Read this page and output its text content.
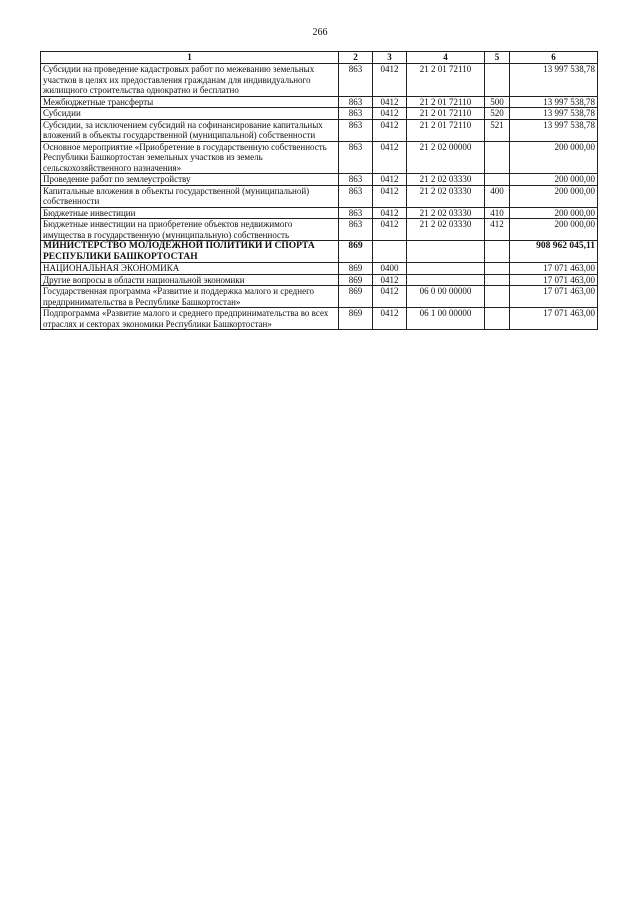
266
1	2	3	4	5	6
Субсидии на проведение кадастровых работ по межеванию земельных участков в целях их предоставления гражданам для индивидуального жилищного строительства однократно и бесплатно	863	0412	21 2 01 72110		13 997 538,78
Межбюджетные трансферты	863	0412	21 2 01 72110	500	13 997 538,78
Субсидии	863	0412	21 2 01 72110	520	13 997 538,78
Субсидии, за исключением субсидий на софинансирование капитальных вложений в объекты государственной (муниципальной) собственности	863	0412	21 2 01 72110	521	13 997 538,78
Основное мероприятие «Приобретение в государственную собственность Республики Башкортостан земельных участков из земель сельскохозяйственного назначения»	863	0412	21 2 02 00000		200 000,00
Проведение работ по землеустройству	863	0412	21 2 02 03330		200 000,00
Капитальные вложения в объекты государственной (муниципальной) собственности	863	0412	21 2 02 03330	400	200 000,00
Бюджетные инвестиции	863	0412	21 2 02 03330	410	200 000,00
Бюджетные инвестиции на приобретение объектов недвижимого имущества в государственную (муниципальную) собственность	863	0412	21 2 02 03330	412	200 000,00
МИНИСТЕРСТВО МОЛОДЕЖНОЙ ПОЛИТИКИ И СПОРТА РЕСПУБЛИКИ БАШКОРТОСТАН	869				908 962 045,11
НАЦИОНАЛЬНАЯ ЭКОНОМИКА	869	0400			17 071 463,00
Другие вопросы в области национальной экономики	869	0412			17 071 463,00
Государственная программа «Развитие и поддержка малого и среднего предпринимательства в Республике Башкортостан»	869	0412	06 0 00 00000		17 071 463,00
Подпрограмма «Развитие малого и среднего предпринимательства во всех отраслях и секторах экономики Республики Башкортостан»	869	0412	06 1 00 00000		17 071 463,00
